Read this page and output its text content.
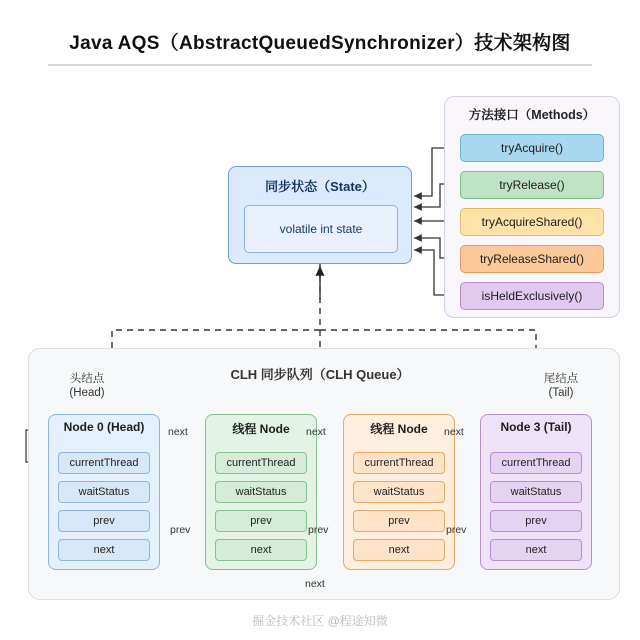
Java AQS（AbstractQueuedSynchronizer）技术架构图
方法接口（Methods）
tryAcquire()
tryRelease()
tryAcquireShared()
tryReleaseShared()
isHeldExclusively()
同步状态（State）
volatile int state
CLH 同步队列（CLH Queue）
头结点
(Head)
尾结点
(Tail)
Node 0 (Head)
currentThread
waitStatus
prev
next
线程 Node
currentThread
waitStatus
prev
next
线程 Node
currentThread
waitStatus
prev
next
Node 3 (Tail)
currentThread
waitStatus
prev
next
next	next	next
prev	prev	prev
next
掘金技术社区 @程途知微
